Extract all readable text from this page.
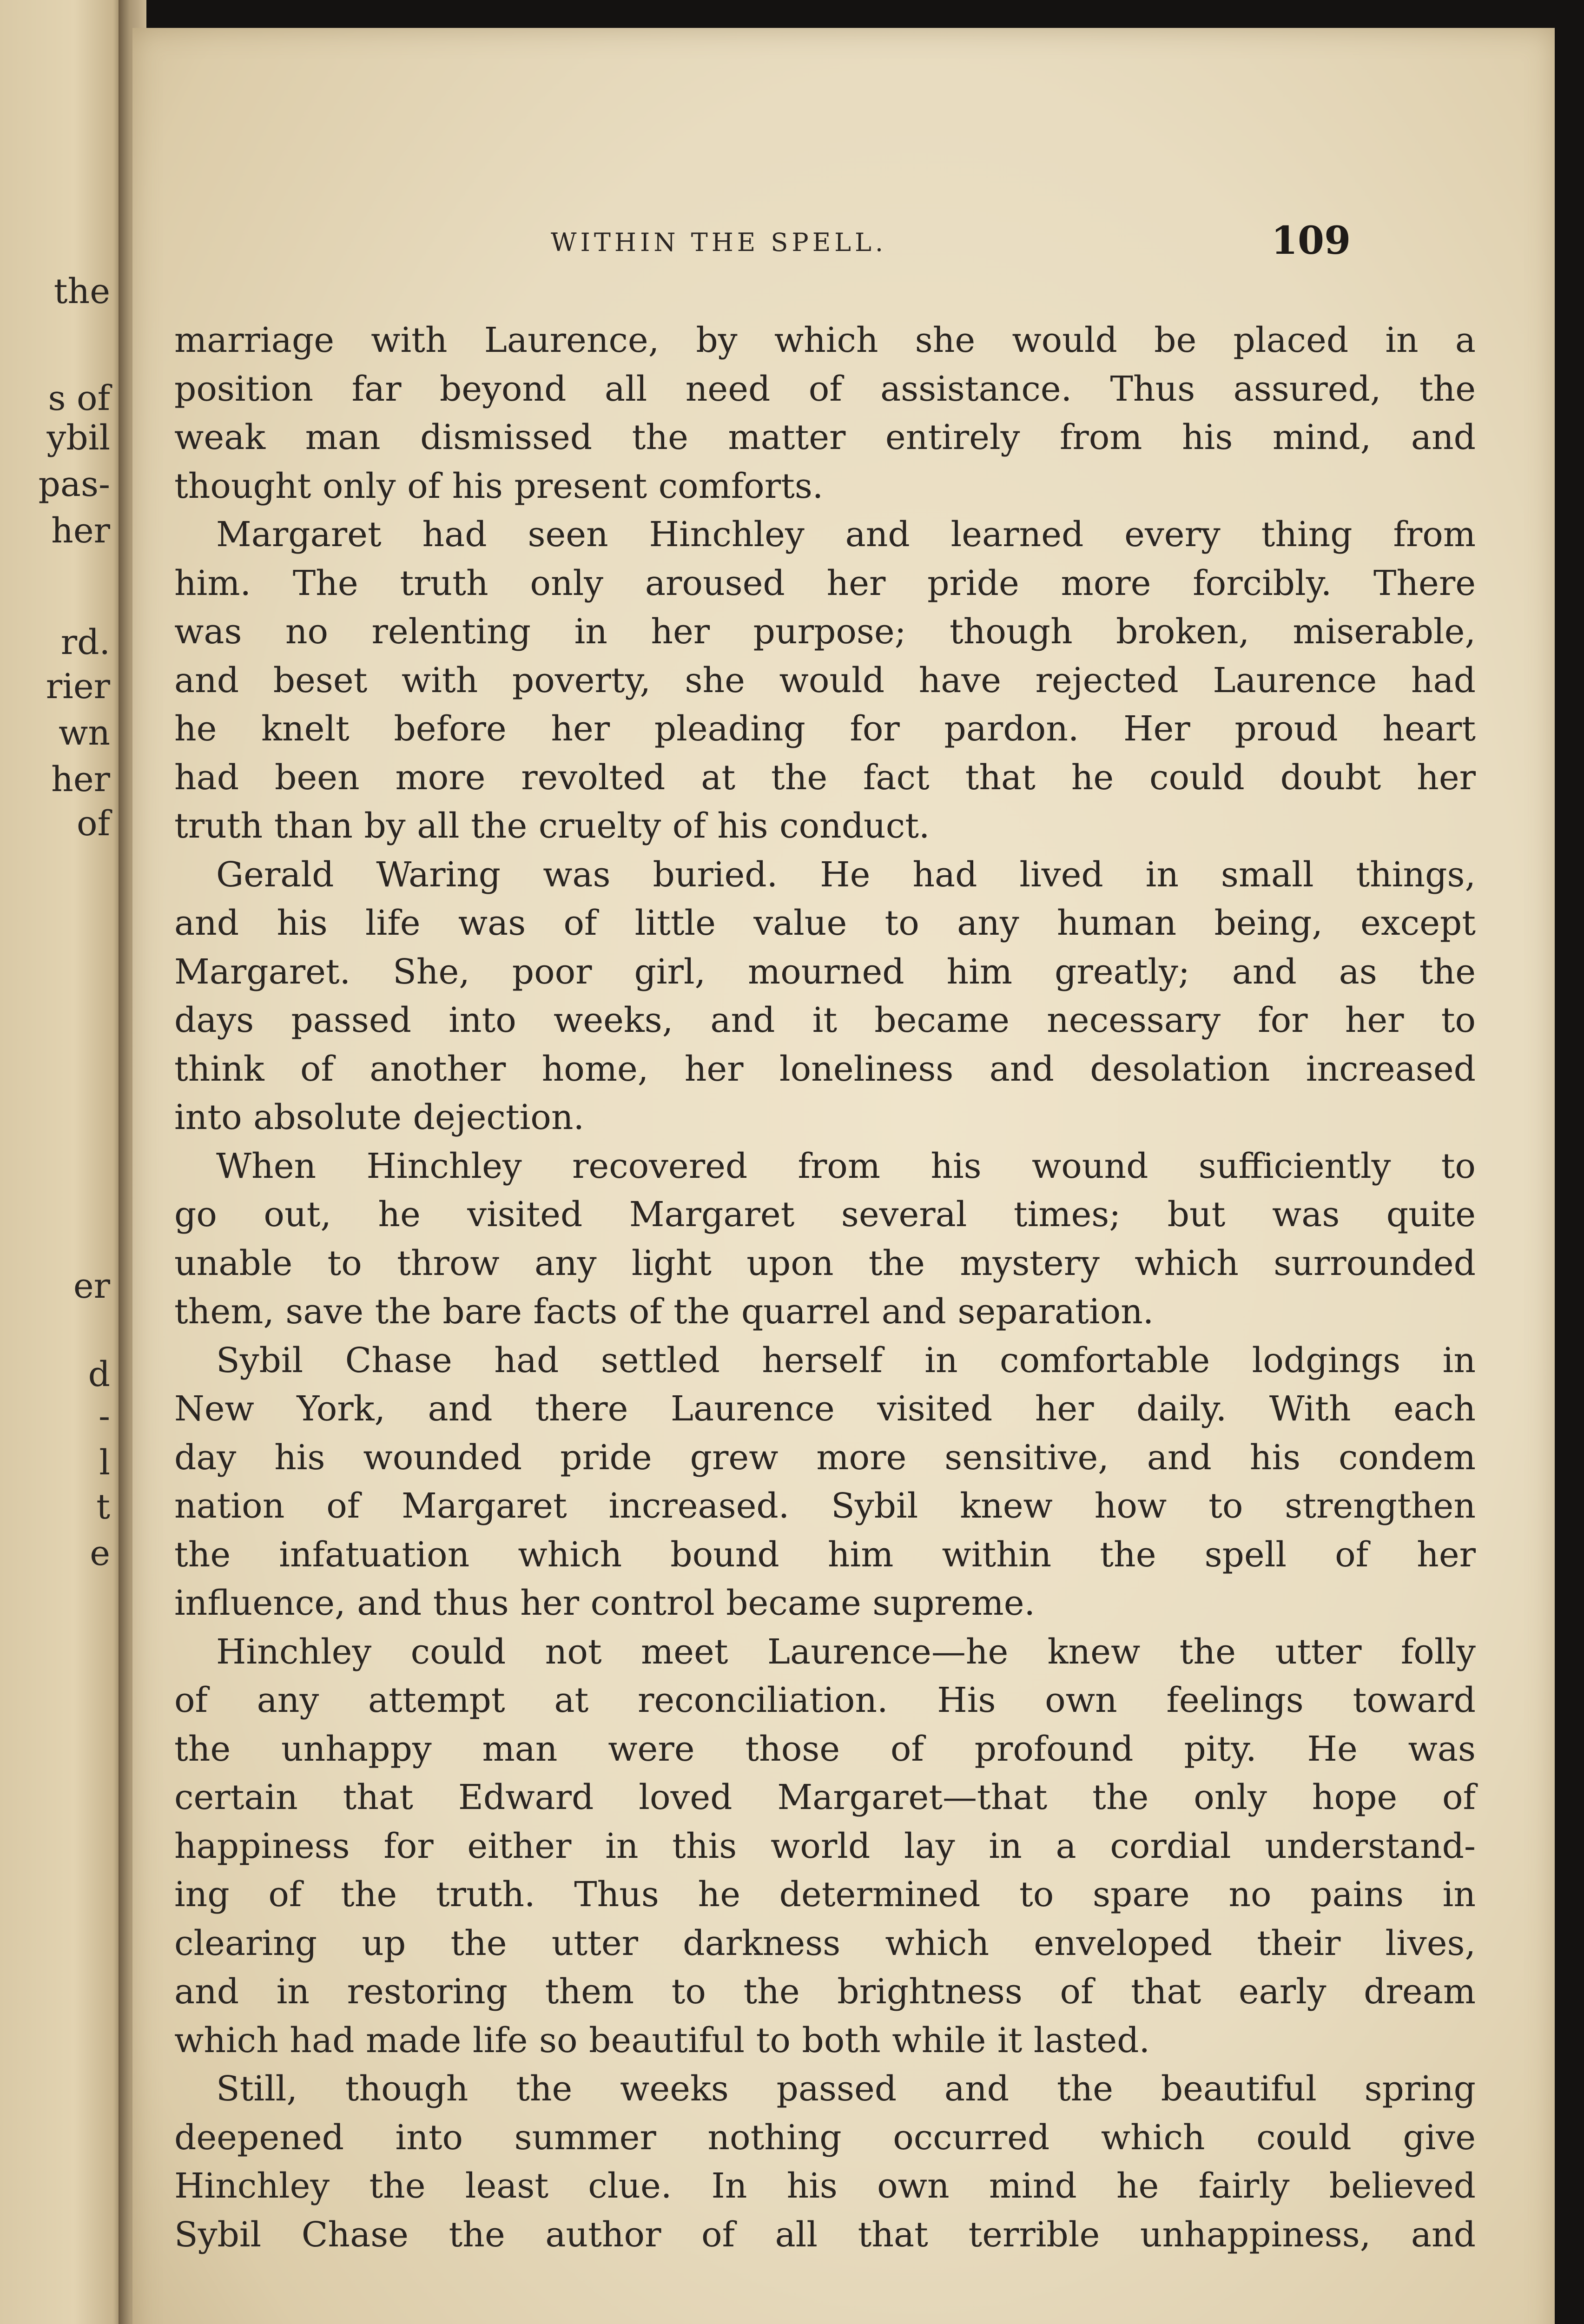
the
s of
ybil
pas-
her
rd.
rier
wn
her
of
er
d
-
l
t
e
WITHIN THE SPELL.	109

marriage with Laurence, by which she would be placed in a

position far beyond all need of assistance. Thus assured, the

weak man dismissed the matter entirely from his mind, and

thought only of his present comforts.

Margaret had seen Hinchley and learned every thing from

him. The truth only aroused her pride more forcibly. There

was no relenting in her purpose; though broken, miserable,

and beset with poverty, she would have rejected Laurence had

he knelt before her pleading for pardon. Her proud heart

had been more revolted at the fact that he could doubt her

truth than by all the cruelty of his conduct.

Gerald Waring was buried. He had lived in small things,

and his life was of little value to any human being, except

Margaret. She, poor girl, mourned him greatly; and as the

days passed into weeks, and it became necessary for her to

think of another home, her loneliness and desolation increased

into absolute dejection.

When Hinchley recovered from his wound sufficiently to

go out, he visited Margaret several times; but was quite

unable to throw any light upon the mystery which surrounded

them, save the bare facts of the quarrel and separation.

Sybil Chase had settled herself in comfortable lodgings in

New York, and there Laurence visited her daily. With each

day his wounded pride grew more sensitive, and his condem

nation of Margaret increased. Sybil knew how to strengthen

the infatuation which bound him within the spell of her

influence, and thus her control became supreme.

Hinchley could not meet Laurence—he knew the utter folly

of any attempt at reconciliation. His own feelings toward

the unhappy man were those of profound pity. He was

certain that Edward loved Margaret—that the only hope of

happiness for either in this world lay in a cordial understand-

ing of the truth. Thus he determined to spare no pains in

clearing up the utter darkness which enveloped their lives,

and in restoring them to the brightness of that early dream

which had made life so beautiful to both while it lasted.

Still, though the weeks passed and the beautiful spring

deepened into summer nothing occurred which could give

Hinchley the least clue. In his own mind he fairly believed

Sybil Chase the author of all that terrible unhappiness, and
